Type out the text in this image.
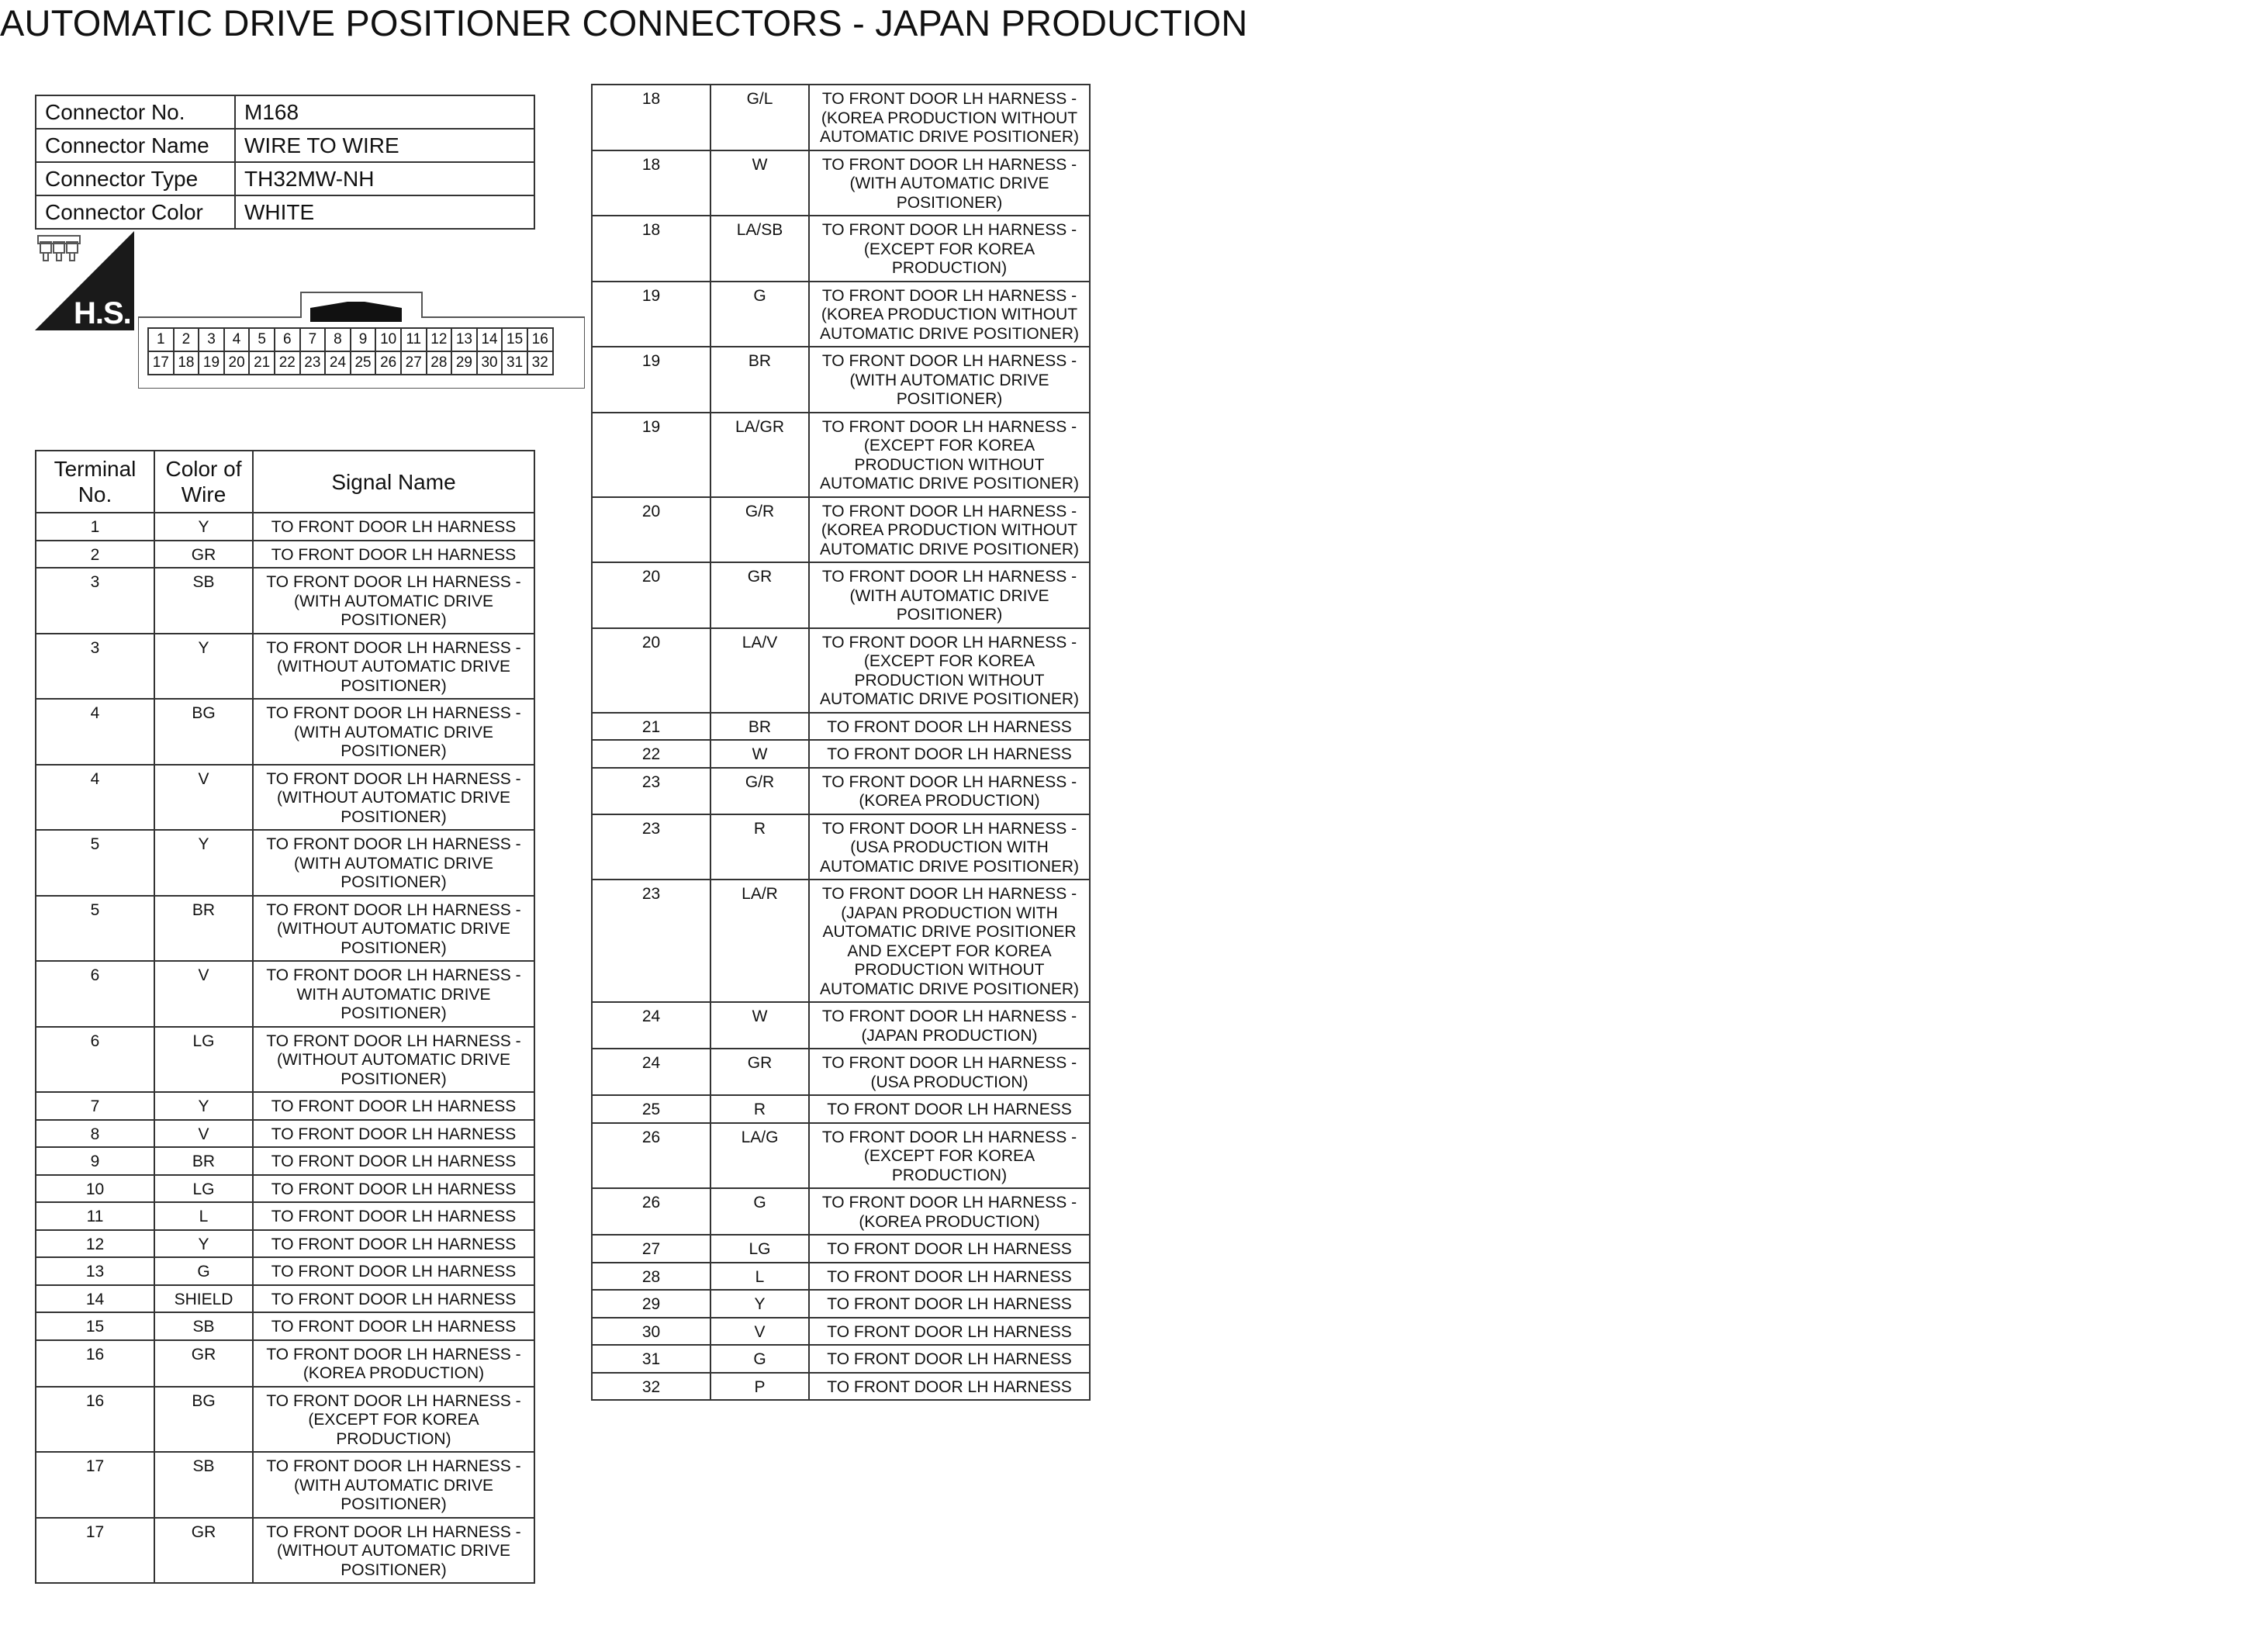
AUTOMATIC DRIVE POSITIONER CONNECTORS - JAPAN PRODUCTION
Connector No.	M168
Connector Name	WIRE TO WIRE
Connector Type	TH32MW-NH
Connector Color	WHITE
H.S.
1	2	3	4	5	6	7	8	9	10	11	12	13	14	15	16
17	18	19	20	21	22	23	24	25	26	27	28	29	30	31	32
Terminal No.	Color of Wire	Signal Name
1	Y	TO FRONT DOOR LH HARNESS
2	GR	TO FRONT DOOR LH HARNESS
3	SB	TO FRONT DOOR LH HARNESS - (WITH AUTOMATIC DRIVE POSITIONER)
3	Y	TO FRONT DOOR LH HARNESS - (WITHOUT AUTOMATIC DRIVE POSITIONER)
4	BG	TO FRONT DOOR LH HARNESS - (WITH AUTOMATIC DRIVE POSITIONER)
4	V	TO FRONT DOOR LH HARNESS - (WITHOUT AUTOMATIC DRIVE POSITIONER)
5	Y	TO FRONT DOOR LH HARNESS - (WITH AUTOMATIC DRIVE POSITIONER)
5	BR	TO FRONT DOOR LH HARNESS - (WITHOUT AUTOMATIC DRIVE POSITIONER)
6	V	TO FRONT DOOR LH HARNESS - WITH AUTOMATIC DRIVE POSITIONER)
6	LG	TO FRONT DOOR LH HARNESS - (WITHOUT AUTOMATIC DRIVE POSITIONER)
7	Y	TO FRONT DOOR LH HARNESS
8	V	TO FRONT DOOR LH HARNESS
9	BR	TO FRONT DOOR LH HARNESS
10	LG	TO FRONT DOOR LH HARNESS
11	L	TO FRONT DOOR LH HARNESS
12	Y	TO FRONT DOOR LH HARNESS
13	G	TO FRONT DOOR LH HARNESS
14	SHIELD	TO FRONT DOOR LH HARNESS
15	SB	TO FRONT DOOR LH HARNESS
16	GR	TO FRONT DOOR LH HARNESS - (KOREA PRODUCTION)
16	BG	TO FRONT DOOR LH HARNESS - (EXCEPT FOR KOREA PRODUCTION)
17	SB	TO FRONT DOOR LH HARNESS - (WITH AUTOMATIC DRIVE POSITIONER)
17	GR	TO FRONT DOOR LH HARNESS - (WITHOUT AUTOMATIC DRIVE POSITIONER)
18	G/L	TO FRONT DOOR LH HARNESS - (KOREA PRODUCTION WITHOUT AUTOMATIC DRIVE POSITIONER)
18	W	TO FRONT DOOR LH HARNESS - (WITH AUTOMATIC DRIVE POSITIONER)
18	LA/SB	TO FRONT DOOR LH HARNESS - (EXCEPT FOR KOREA PRODUCTION)
19	G	TO FRONT DOOR LH HARNESS - (KOREA PRODUCTION WITHOUT AUTOMATIC DRIVE POSITIONER)
19	BR	TO FRONT DOOR LH HARNESS - (WITH AUTOMATIC DRIVE POSITIONER)
19	LA/GR	TO FRONT DOOR LH HARNESS - (EXCEPT FOR KOREA PRODUCTION WITHOUT AUTOMATIC DRIVE POSITIONER)
20	G/R	TO FRONT DOOR LH HARNESS - (KOREA PRODUCTION WITHOUT AUTOMATIC DRIVE POSITIONER)
20	GR	TO FRONT DOOR LH HARNESS - (WITH AUTOMATIC DRIVE POSITIONER)
20	LA/V	TO FRONT DOOR LH HARNESS - (EXCEPT FOR KOREA PRODUCTION WITHOUT AUTOMATIC DRIVE POSITIONER)
21	BR	TO FRONT DOOR LH HARNESS
22	W	TO FRONT DOOR LH HARNESS
23	G/R	TO FRONT DOOR LH HARNESS - (KOREA PRODUCTION)
23	R	TO FRONT DOOR LH HARNESS - (USA PRODUCTION WITH AUTOMATIC DRIVE POSITIONER)
23	LA/R	TO FRONT DOOR LH HARNESS - (JAPAN PRODUCTION WITH AUTOMATIC DRIVE POSITIONER AND EXCEPT FOR KOREA PRODUCTION WITHOUT AUTOMATIC DRIVE POSITIONER)
24	W	TO FRONT DOOR LH HARNESS - (JAPAN PRODUCTION)
24	GR	TO FRONT DOOR LH HARNESS - (USA PRODUCTION)
25	R	TO FRONT DOOR LH HARNESS
26	LA/G	TO FRONT DOOR LH HARNESS - (EXCEPT FOR KOREA PRODUCTION)
26	G	TO FRONT DOOR LH HARNESS - (KOREA PRODUCTION)
27	LG	TO FRONT DOOR LH HARNESS
28	L	TO FRONT DOOR LH HARNESS
29	Y	TO FRONT DOOR LH HARNESS
30	V	TO FRONT DOOR LH HARNESS
31	G	TO FRONT DOOR LH HARNESS
32	P	TO FRONT DOOR LH HARNESS
